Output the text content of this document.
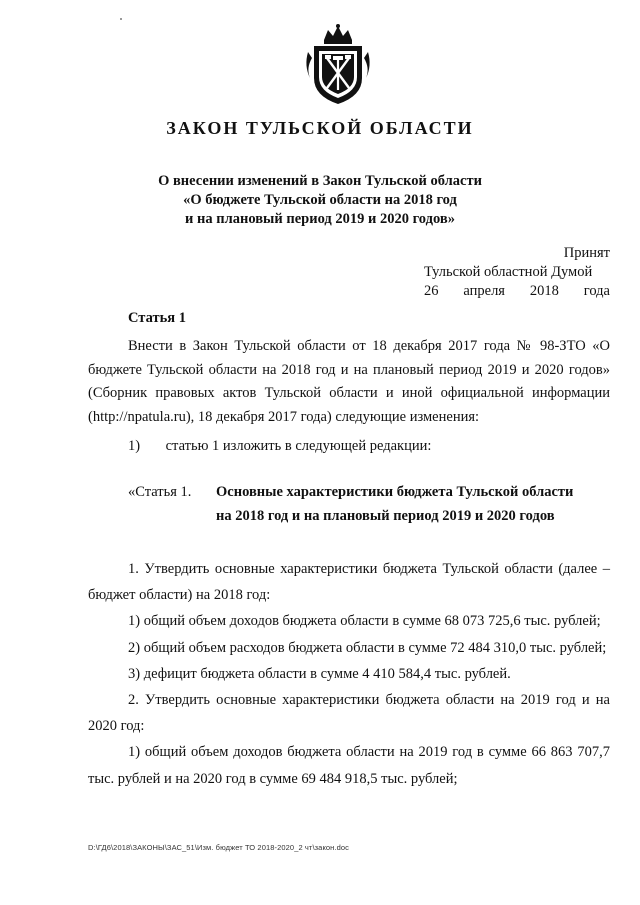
ЗАКОН ТУЛЬСКОЙ ОБЛАСТИ
О внесении изменений в Закон Тульской области
«О бюджете Тульской области на 2018 год
и на плановый период 2019 и 2020 годов»
Принят
Тульской областной Думой
26 апреля 2018 года
Статья 1
Внести в Закон Тульской области от 18 декабря 2017 года № 98-ЗТО «О бюджете Тульской области на 2018 год и на плановый период 2019 и 2020 годов» (Сборник правовых актов Тульской области и иной официальной информации (http://npatula.ru), 18 декабря 2017 года) следующие изменения:
1) статью 1 изложить в следующей редакции:
«Статья 1. Основные характеристики бюджета Тульской области
на 2018 год и на плановый период 2019 и 2020 годов

1. Утвердить основные характеристики бюджета Тульской области (далее – бюджет области) на 2018 год:

1) общий объем доходов бюджета области в сумме 68 073 725,6 тыс. рублей;

2) общий объем расходов бюджета области в сумме 72 484 310,0 тыс. рублей;

3) дефицит бюджета области в сумме 4 410 584,4 тыс. рублей.

2. Утвердить основные характеристики бюджета области на 2019 год и на 2020 год:

1) общий объем доходов бюджета области на 2019 год в сумме 66 863 707,7 тыс. рублей и на 2020 год в сумме 69 484 918,5 тыс. рублей;

D:\ГД6\2018\ЗАКОНЫ\ЗАС_51\Изм. бюджет ТО 2018-2020_2 чт\закон.doc
